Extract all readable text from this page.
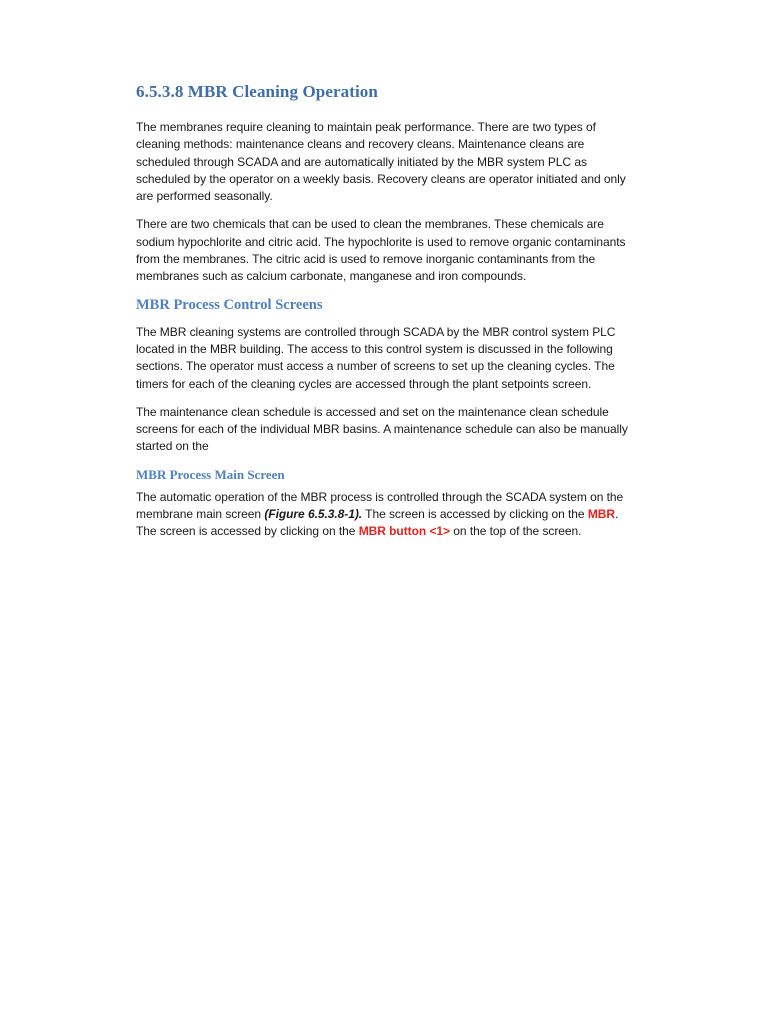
6.5.3.8 MBR Cleaning Operation

The membranes require cleaning to maintain peak performance. There are two types of cleaning methods: maintenance cleans and recovery cleans. Maintenance cleans are scheduled through SCADA and are automatically initiated by the MBR system PLC as scheduled by the operator on a weekly basis. Recovery cleans are operator initiated and only are performed seasonally.

There are two chemicals that can be used to clean the membranes. These chemicals are sodium hypochlorite and citric acid. The hypochlorite is used to remove organic contaminants from the membranes. The citric acid is used to remove inorganic contaminants from the membranes such as calcium carbonate, manganese and iron compounds.

MBR Process Control Screens

The MBR cleaning systems are controlled through SCADA by the MBR control system PLC located in the MBR building. The access to this control system is discussed in the following sections. The operator must access a number of screens to set up the cleaning cycles. The timers for each of the cleaning cycles are accessed through the plant setpoints screen.

The maintenance clean schedule is accessed and set on the maintenance clean schedule screens for each of the individual MBR basins. A maintenance schedule can also be manually started on the

MBR Process Main Screen

The automatic operation of the MBR process is controlled through the SCADA system on the membrane main screen (Figure 6.5.3.8-1). The screen is accessed by clicking on the MBR. The screen is accessed by clicking on the MBR button <1> on the top of the screen.
